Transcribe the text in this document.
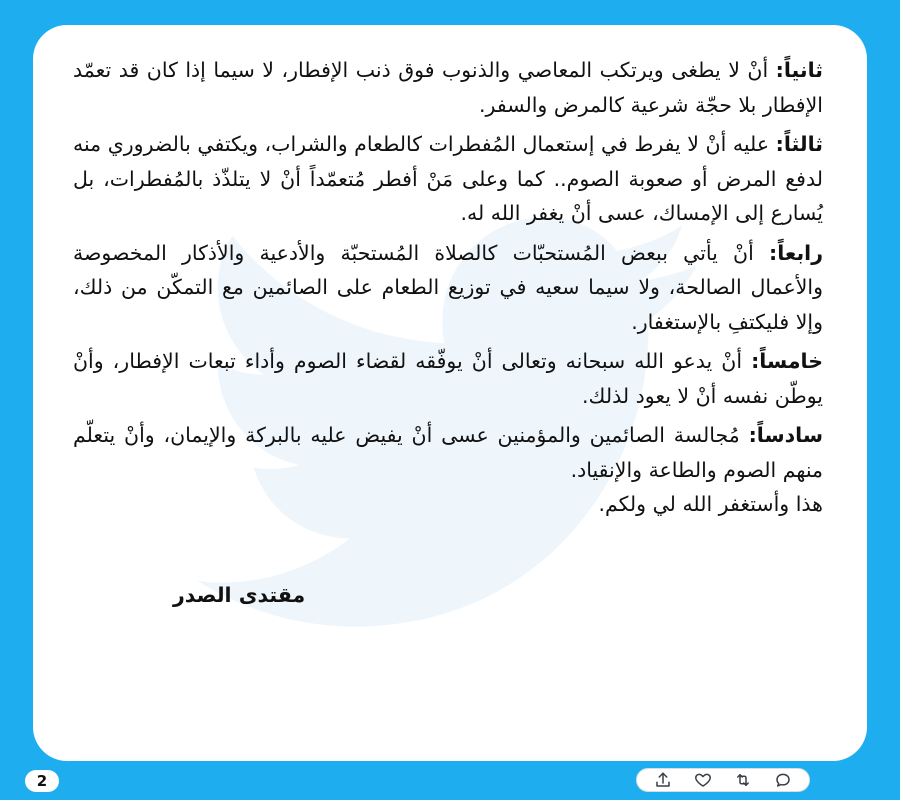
ثانياً: أنْ لا يطغى ويرتكب المعاصي والذنوب فوق ذنب الإفطار، لا سيما إذا كان قد تعمّد الإفطار بلا حجّة شرعية كالمرض والسفر.

ثالثاً: عليه أنْ لا يفرط في إستعمال المُفطرات كالطعام والشراب، ويكتفي بالضروري منه لدفع المرض أو صعوبة الصوم.. كما وعلى مَنْ أفطر مُتعمّداً أنْ لا يتلذّذ بالمُفطرات، بل يُسارع إلى الإمساك، عسى أنْ يغفر الله له.

رابعاً: أنْ يأتي ببعض المُستحبّات كالصلاة المُستحبّة والأدعية والأذكار المخصوصة والأعمال الصالحة، ولا سيما سعيه في توزيع الطعام على الصائمين مع التمكّن من ذلك، وإلا فليكتفِ بالإستغفار.

خامساً: أنْ يدعو الله سبحانه وتعالى أنْ يوفّقه لقضاء الصوم وأداء تبعات الإفطار، وأنْ يوطّن نفسه أنْ لا يعود لذلك.

سادساً: مُجالسة الصائمين والمؤمنين عسى أنْ يفيض عليه بالبركة والإيمان، وأنْ يتعلّم منهم الصوم والطاعة والإنقياد.

هذا وأستغفر الله لي ولكم.

مقتدى الصدر
2
